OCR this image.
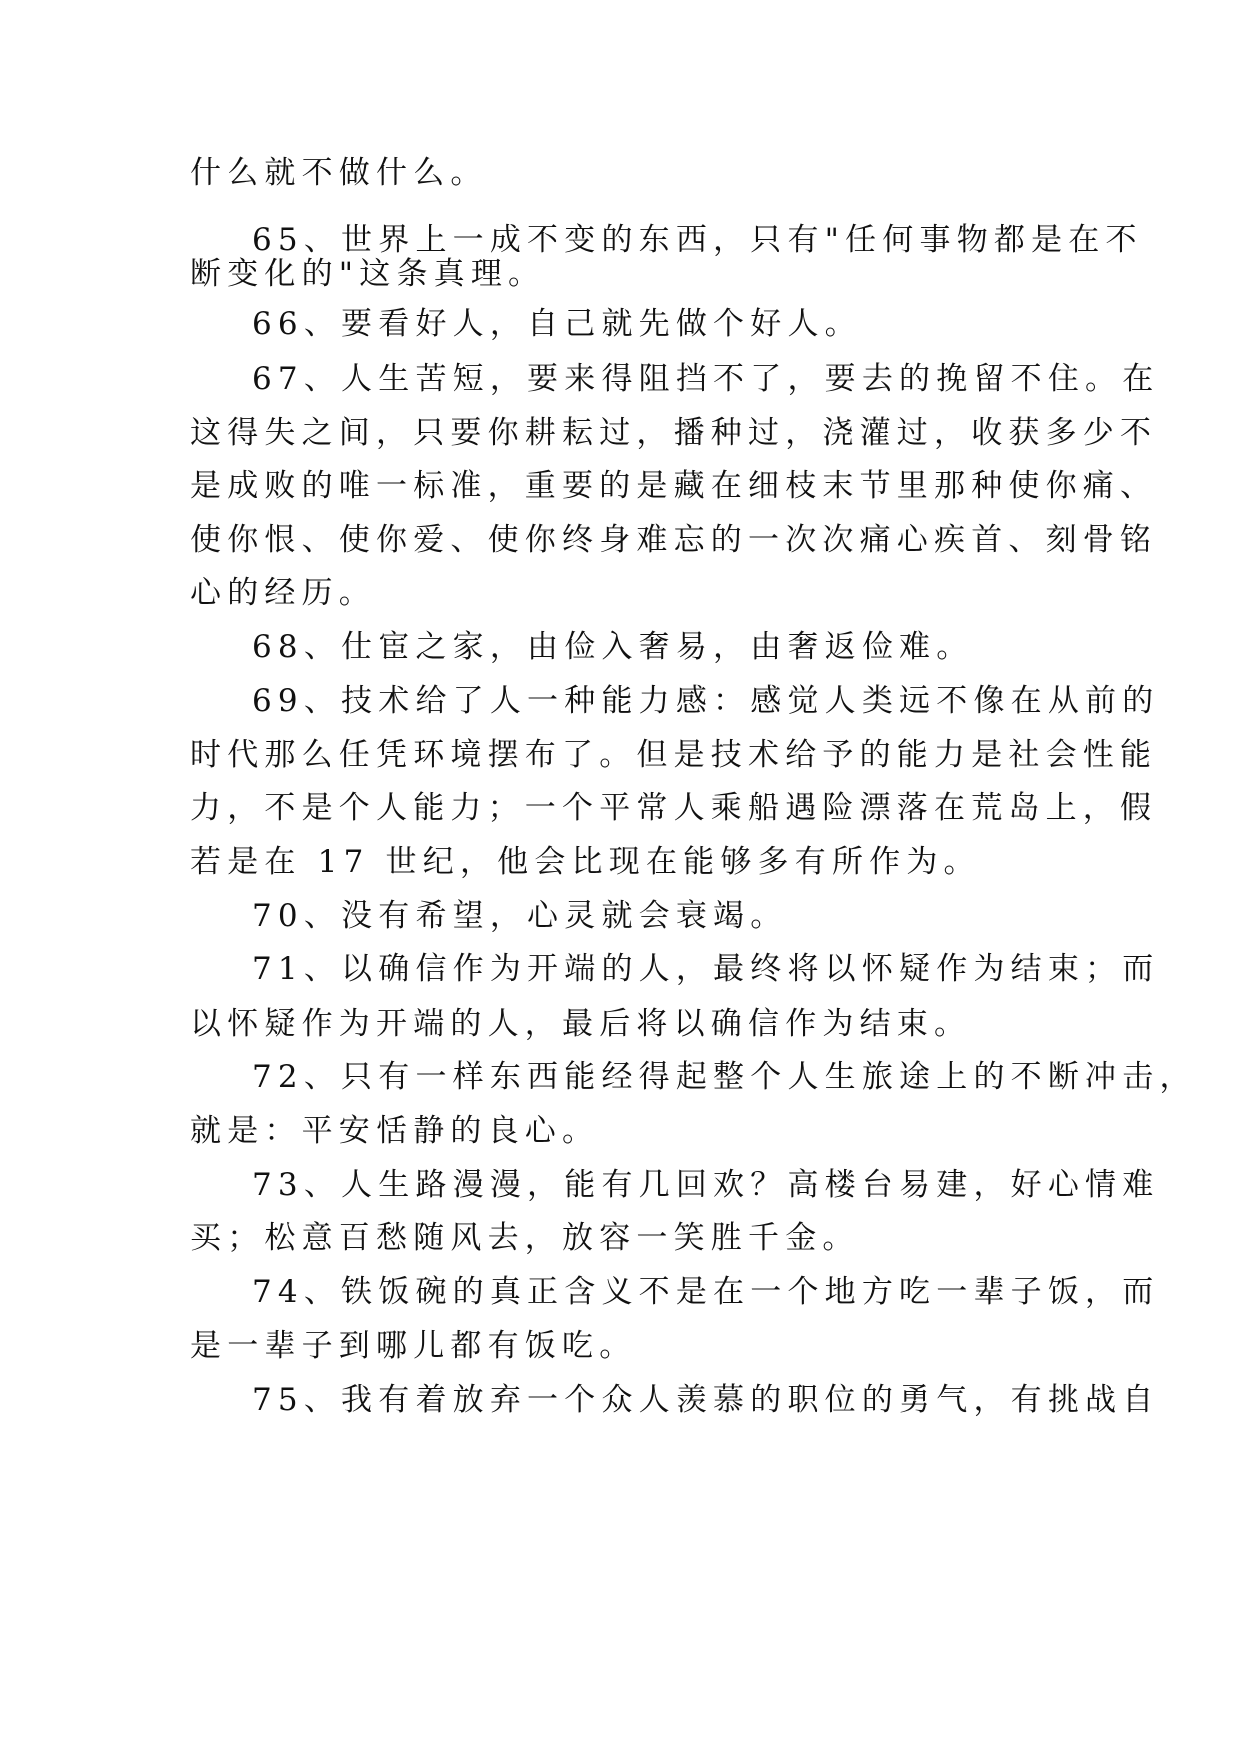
什么就不做什么。

65、世界上一成不变的东西，只有"任何事物都是在不

断变化的"这条真理。

66、要看好人，自己就先做个好人。

67、人生苦短，要来得阻挡不了，要去的挽留不住。在

这得失之间，只要你耕耘过，播种过，浇灌过，收获多少不

是成败的唯一标准，重要的是藏在细枝末节里那种使你痛、

使你恨、使你爱、使你终身难忘的一次次痛心疾首、刻骨铭

心的经历。

68、仕宦之家，由俭入奢易，由奢返俭难。

69、技术给了人一种能力感：感觉人类远不像在从前的

时代那么任凭环境摆布了。但是技术给予的能力是社会性能

力，不是个人能力；一个平常人乘船遇险漂落在荒岛上，假

若是在 17 世纪，他会比现在能够多有所作为。

70、没有希望，心灵就会衰竭。

71、以确信作为开端的人，最终将以怀疑作为结束；而

以怀疑作为开端的人，最后将以确信作为结束。

72、只有一样东西能经得起整个人生旅途上的不断冲击，

就是：平安恬静的良心。

73、人生路漫漫，能有几回欢？高楼台易建，好心情难

买；松意百愁随风去，放容一笑胜千金。

74、铁饭碗的真正含义不是在一个地方吃一辈子饭，而

是一辈子到哪儿都有饭吃。

75、我有着放弃一个众人羡慕的职位的勇气，有挑战自
